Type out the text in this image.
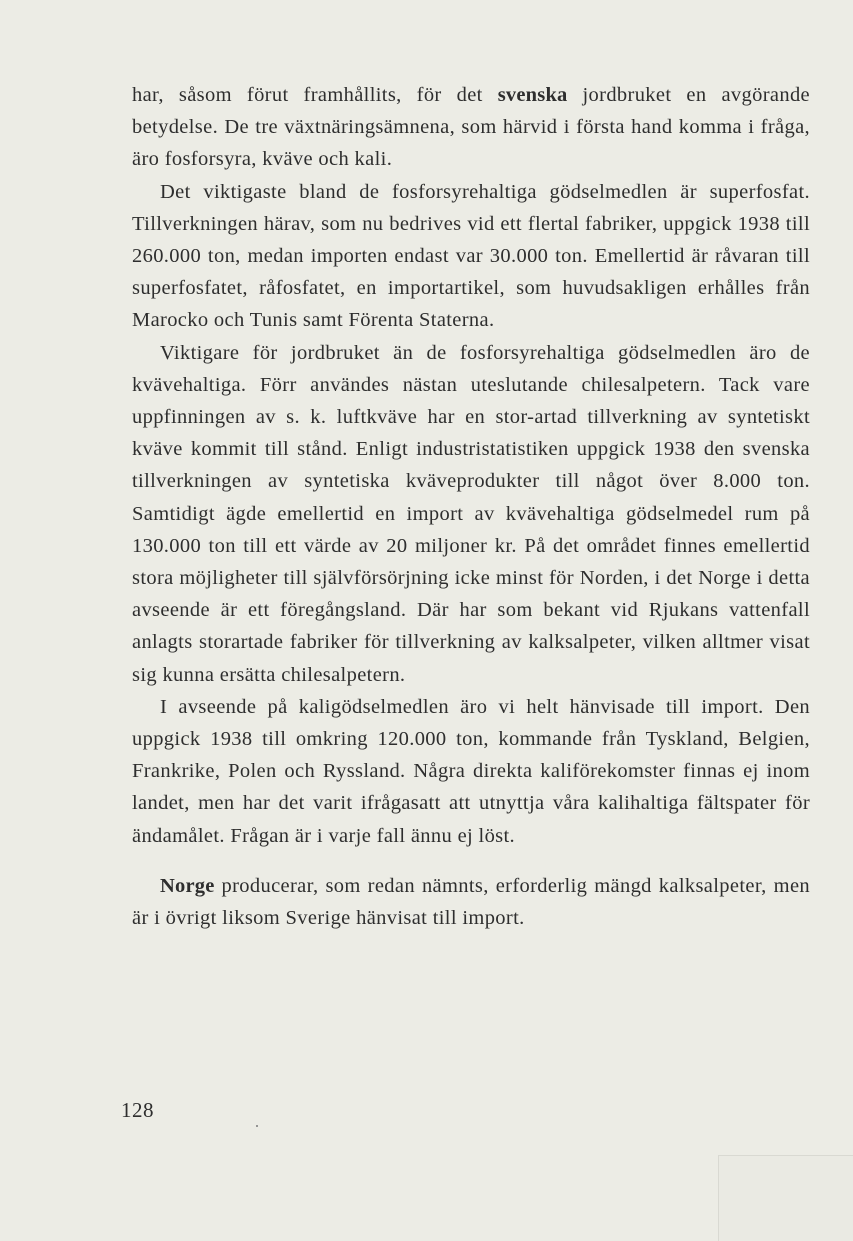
har, såsom förut framhållits, för det svenska jordbruket en avgörande betydelse. De tre växtnäringsämnena, som härvid i första hand komma i fråga, äro fosforsyra, kväve och kali.

Det viktigaste bland de fosforsyrehaltiga gödselmedlen är superfosfat. Tillverkningen härav, som nu bedrives vid ett flertal fabriker, uppgick 1938 till 260.000 ton, medan importen endast var 30.000 ton. Emellertid är råvaran till superfosfatet, råfosfatet, en importartikel, som huvudsakligen erhålles från Marocko och Tunis samt Förenta Staterna.

Viktigare för jordbruket än de fosforsyrehaltiga gödselmedlen äro de kvävehaltiga. Förr användes nästan uteslutande chilesalpetern. Tack vare uppfinningen av s. k. luftkväve har en stor-artad tillverkning av syntetiskt kväve kommit till stånd. Enligt industristatistiken uppgick 1938 den svenska tillverkningen av syntetiska kväveprodukter till något över 8.000 ton. Samtidigt ägde emellertid en import av kvävehaltiga gödselmedel rum på 130.000 ton till ett värde av 20 miljoner kr. På det området finnes emellertid stora möjligheter till självförsörjning icke minst för Norden, i det Norge i detta avseende är ett föregångsland. Där har som bekant vid Rjukans vattenfall anlagts storartade fabriker för tillverkning av kalksalpeter, vilken alltmer visat sig kunna ersätta chilesalpetern.

I avseende på kaligödselmedlen äro vi helt hänvisade till import. Den uppgick 1938 till omkring 120.000 ton, kommande från Tyskland, Belgien, Frankrike, Polen och Ryssland. Några direkta kaliförekomster finnas ej inom landet, men har det varit ifrågasatt att utnyttja våra kalihaltiga fältspater för ändamålet. Frågan är i varje fall ännu ej löst.

Norge producerar, som redan nämnts, erforderlig mängd kalksalpeter, men är i övrigt liksom Sverige hänvisat till import.

128
